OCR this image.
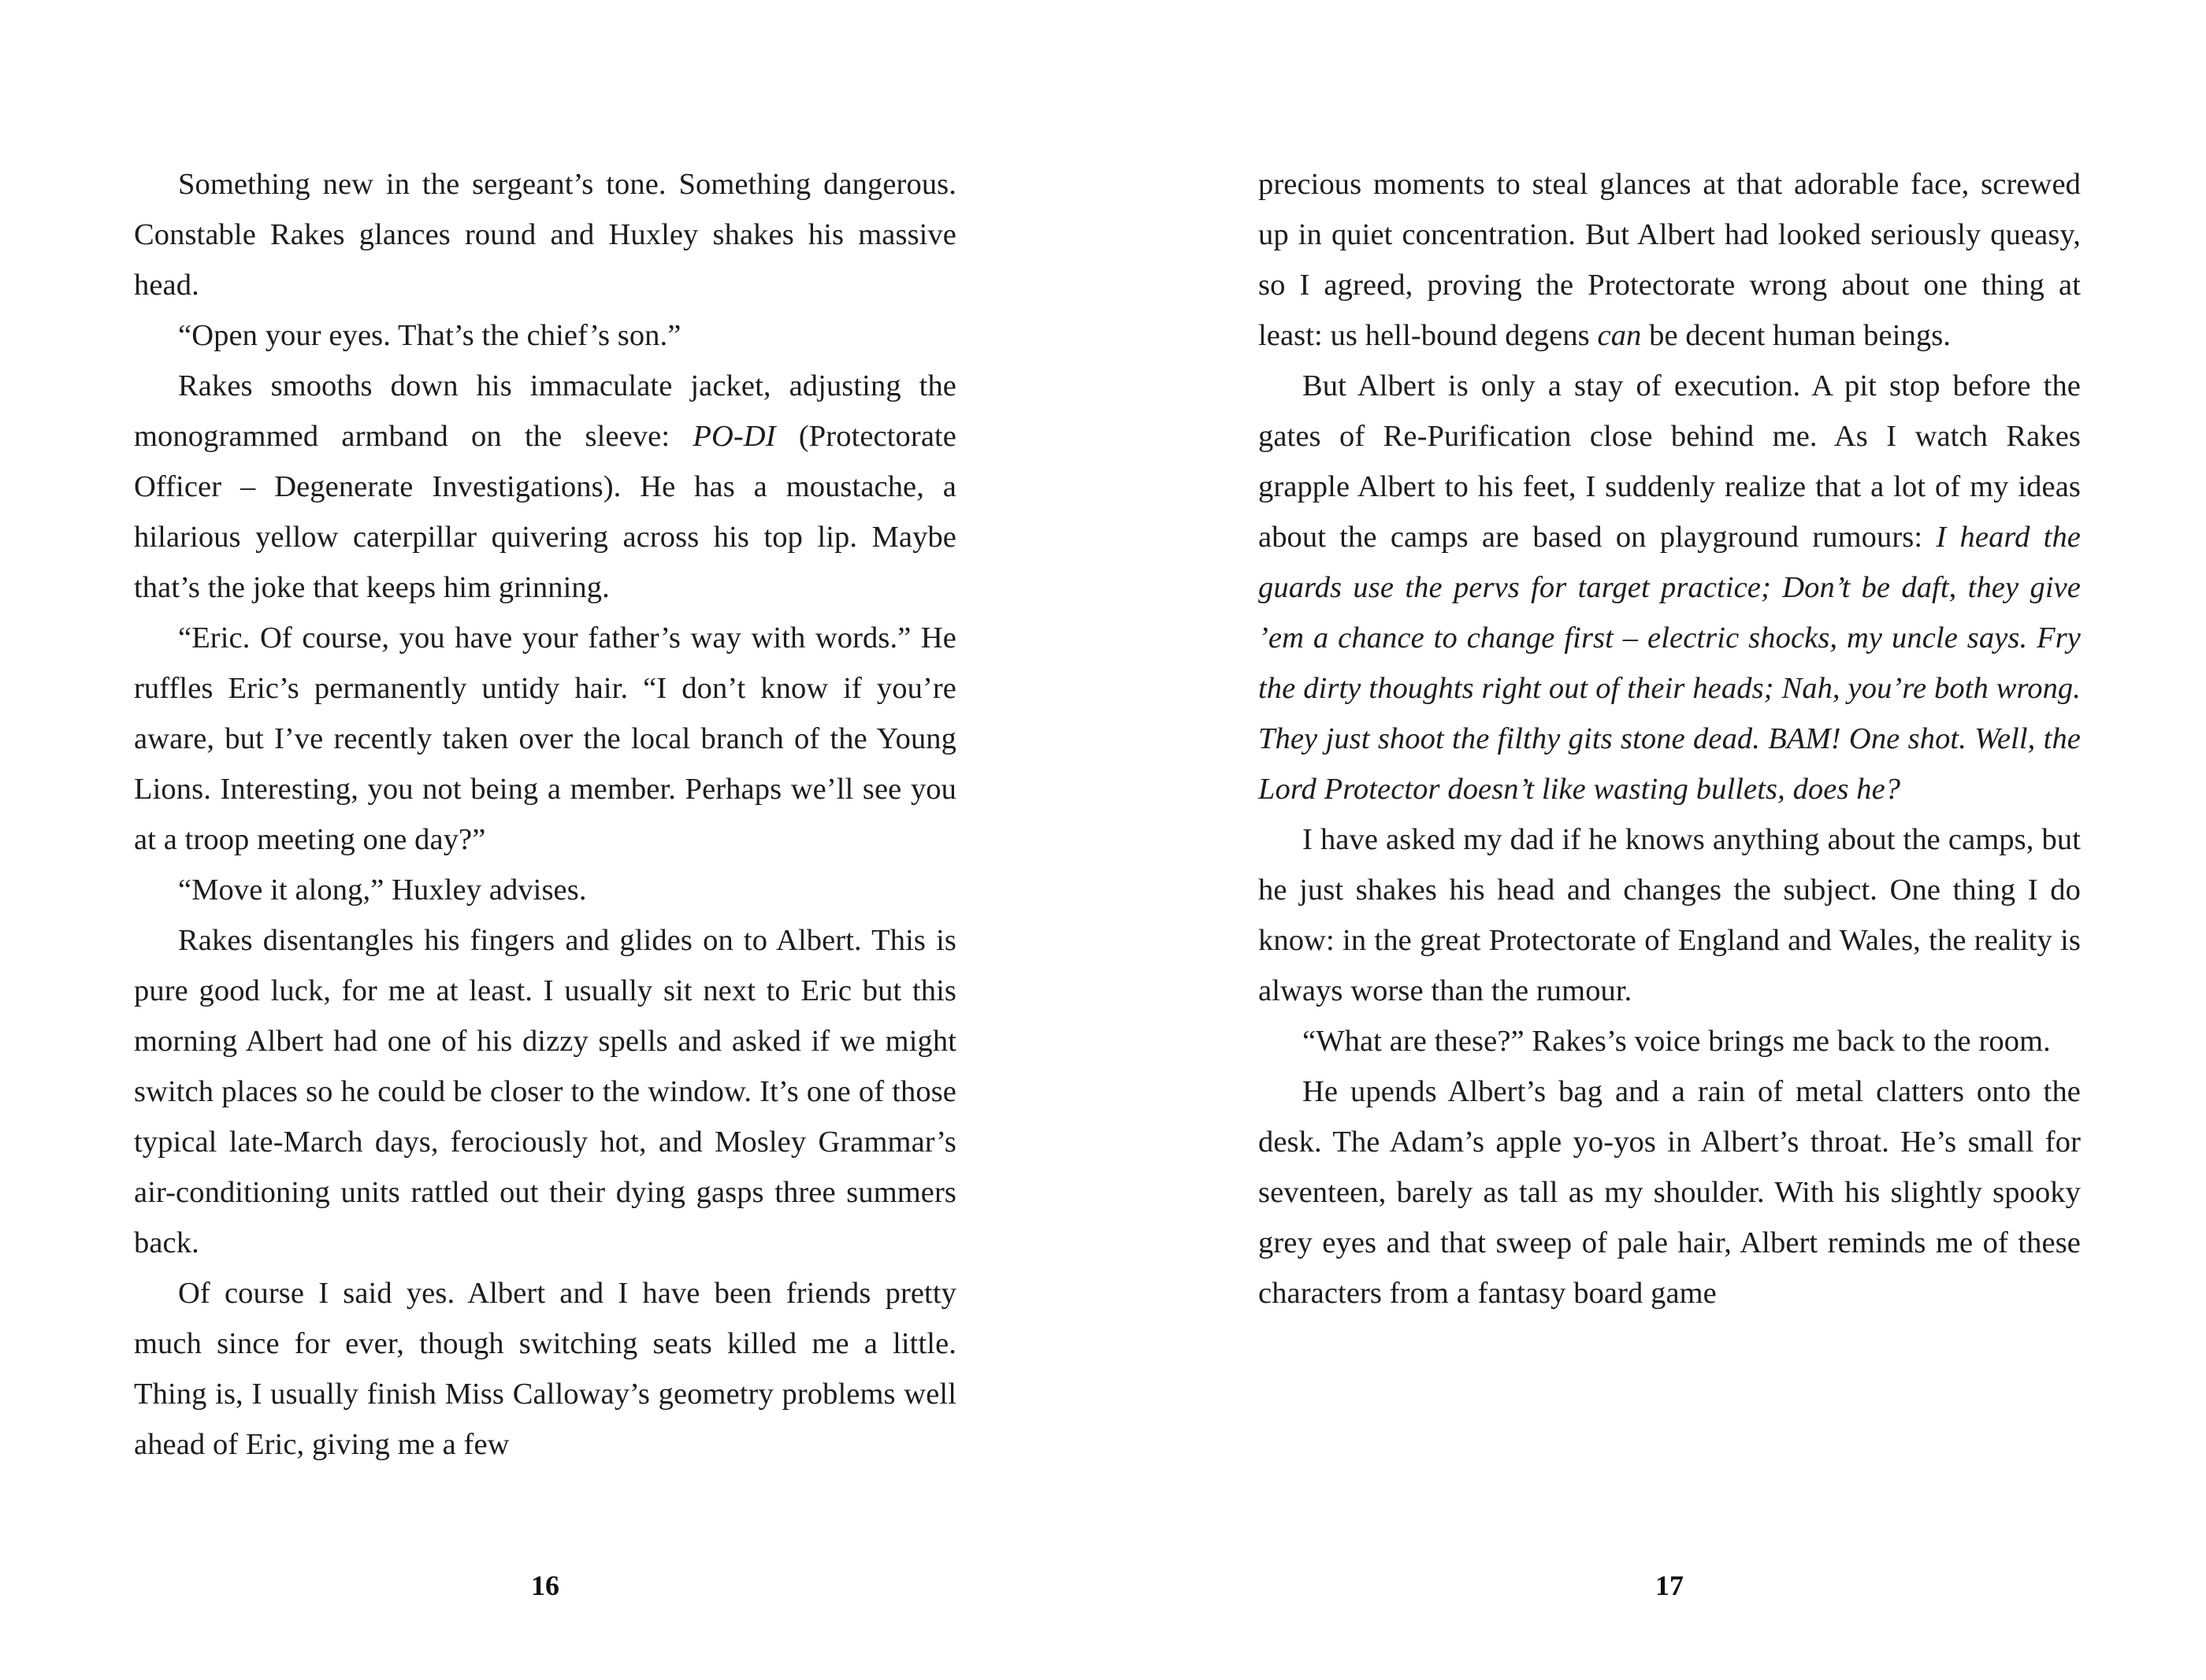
Something new in the sergeant’s tone. Something dangerous. Constable Rakes glances round and Huxley shakes his massive head.

“Open your eyes. That’s the chief’s son.”

Rakes smooths down his immaculate jacket, adjusting the monogrammed armband on the sleeve: PO-DI (Protectorate Officer – Degenerate Investigations). He has a moustache, a hilarious yellow caterpillar quivering across his top lip. Maybe that’s the joke that keeps him grinning.

“Eric. Of course, you have your father’s way with words.” He ruffles Eric’s permanently untidy hair. “I don’t know if you’re aware, but I’ve recently taken over the local branch of the Young Lions. Interesting, you not being a member. Perhaps we’ll see you at a troop meeting one day?”

“Move it along,” Huxley advises.

Rakes disentangles his fingers and glides on to Albert. This is pure good luck, for me at least. I usually sit next to Eric but this morning Albert had one of his dizzy spells and asked if we might switch places so he could be closer to the window. It’s one of those typical late-March days, ferociously hot, and Mosley Grammar’s air-conditioning units rattled out their dying gasps three summers back.

Of course I said yes. Albert and I have been friends pretty much since for ever, though switching seats killed me a little. Thing is, I usually finish Miss Calloway’s geometry problems well ahead of Eric, giving me a few

16

precious moments to steal glances at that adorable face, screwed up in quiet concentration. But Albert had looked seriously queasy, so I agreed, proving the Protectorate wrong about one thing at least: us hell-bound degens can be decent human beings.

But Albert is only a stay of execution. A pit stop before the gates of Re-Purification close behind me. As I watch Rakes grapple Albert to his feet, I suddenly realize that a lot of my ideas about the camps are based on playground rumours: I heard the guards use the pervs for target practice; Don’t be daft, they give ’em a chance to change first – electric shocks, my uncle says. Fry the dirty thoughts right out of their heads; Nah, you’re both wrong. They just shoot the filthy gits stone dead. BAM! One shot. Well, the Lord Protector doesn’t like wasting bullets, does he?

I have asked my dad if he knows anything about the camps, but he just shakes his head and changes the subject. One thing I do know: in the great Protectorate of England and Wales, the reality is always worse than the rumour.

“What are these?” Rakes’s voice brings me back to the room.

He upends Albert’s bag and a rain of metal clatters onto the desk. The Adam’s apple yo-yos in Albert’s throat. He’s small for seventeen, barely as tall as my shoulder. With his slightly spooky grey eyes and that sweep of pale hair, Albert reminds me of these characters from a fantasy board game

17
